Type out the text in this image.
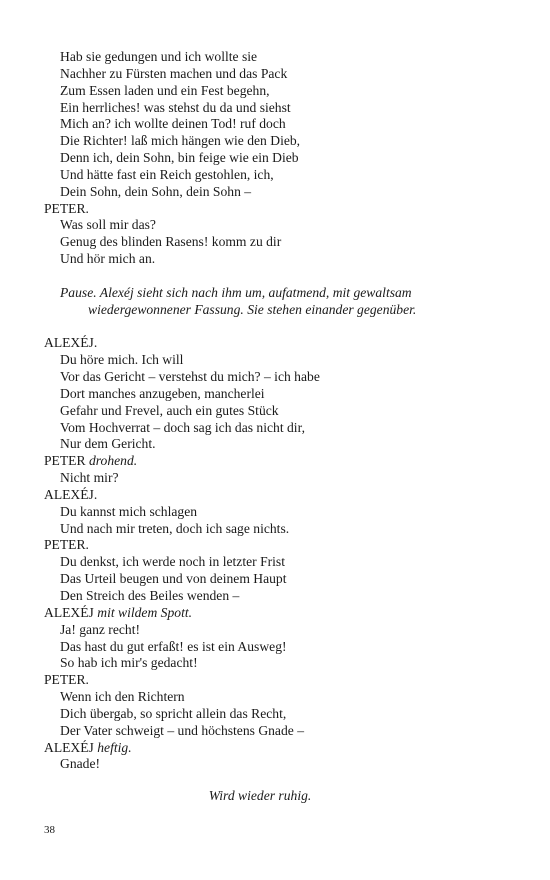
Hab sie gedungen und ich wollte sie
Nachher zu Fürsten machen und das Pack
Zum Essen laden und ein Fest begehn,
Ein herrliches! was stehst du da und siehst
Mich an? ich wollte deinen Tod! ruf doch
Die Richter! laß mich hängen wie den Dieb,
Denn ich, dein Sohn, bin feige wie ein Dieb
Und hätte fast ein Reich gestohlen, ich,
Dein Sohn, dein Sohn, dein Sohn –
PETER.
Was soll mir das?
Genug des blinden Rasens! komm zu dir
Und hör mich an.
Pause. Alexéj sieht sich nach ihm um, aufatmend, mit gewaltsam
wiedergewonnener Fassung. Sie stehen einander gegenüber.
ALEXÉJ.
Du höre mich. Ich will
Vor das Gericht – verstehst du mich? – ich habe
Dort manches anzugeben, mancherlei
Gefahr und Frevel, auch ein gutes Stück
Vom Hochverrat – doch sag ich das nicht dir,
Nur dem Gericht.
PETER drohend.
Nicht mir?
ALEXÉJ.
Du kannst mich schlagen
Und nach mir treten, doch ich sage nichts.
PETER.
Du denkst, ich werde noch in letzter Frist
Das Urteil beugen und von deinem Haupt
Den Streich des Beiles wenden –
ALEXÉJ mit wildem Spott.
Ja! ganz recht!
Das hast du gut erfaßt! es ist ein Ausweg!
So hab ich mir's gedacht!
PETER.
Wenn ich den Richtern
Dich übergab, so spricht allein das Recht,
Der Vater schweigt – und höchstens Gnade –
ALEXÉJ heftig.
Gnade!
Wird wieder ruhig.
38
